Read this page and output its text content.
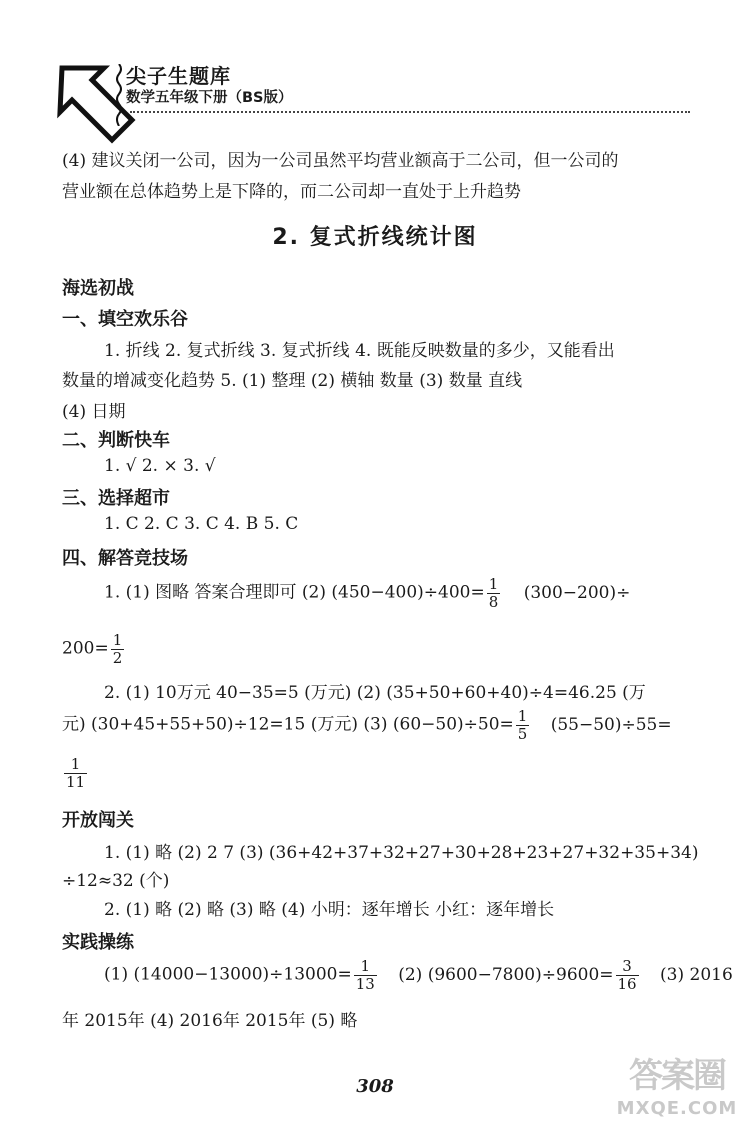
尖子生题库
数学五年级下册（BS版）
(4) 建议关闭一公司，因为一公司虽然平均营业额高于二公司，但一公司的
营业额在总体趋势上是下降的，而二公司却一直处于上升趋势
2. 复式折线统计图
海选初战
一、填空欢乐谷
1. 折线 2. 复式折线 3. 复式折线 4. 既能反映数量的多少，又能看出
数量的增减变化趋势 5. (1) 整理 (2) 横轴 数量 (3) 数量 直线
(4) 日期
二、判断快车
1. √ 2. × 3. √
三、选择超市
1. C 2. C 3. C 4. B 5. C
四、解答竞技场
1. (1) 图略 答案合理即可 (2) $(450-400)\div 400= \frac{1}{8} (300-200)\div$
$200= \frac{1}{2}$
2. (1) 10万元 40−35=5 (万元) (2) (35+50+60+40)÷4=46.25 (万
元) (30+45+55+50)÷12=15 (万元) (3) $(60-50)\div 50= \frac{1}{5} (55-50)\div 55=$
$\frac{1}{11}$
开放闯关
1. (1) 略 (2) 2 7 (3) (36+42+37+32+27+30+28+23+27+32+35+34)
÷12≈32 (个)
2. (1) 略 (2) 略 (3) 略 (4) 小明：逐年增长 小红：逐年增长
实践操练
(1) $(14000-13000)\div 13000= \frac{1}{13} (2)$ $(9600-7800)\div 9600= \frac{3}{16} (3)$ 2016
年 2015年 (4) 2016年 2015年 (5) 略
308	答案圈
MXQE.COM
